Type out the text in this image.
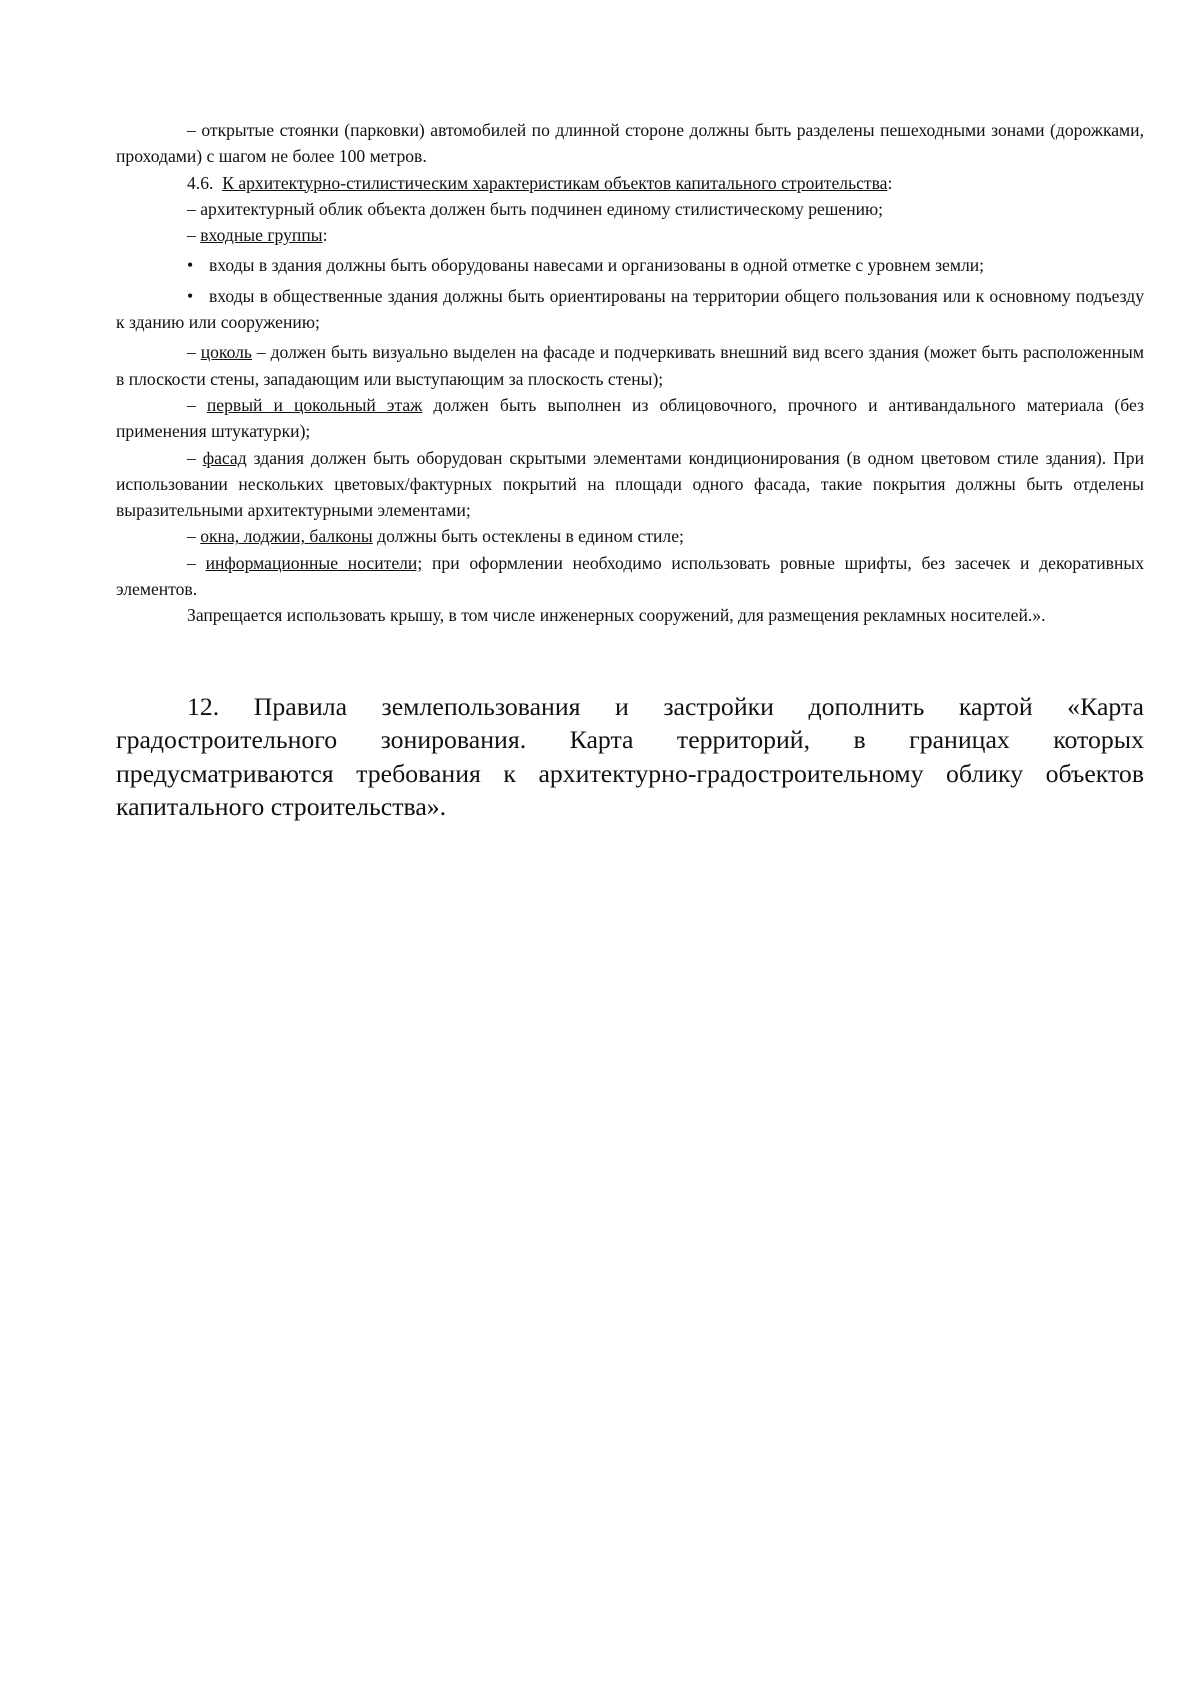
– открытые стоянки (парковки) автомобилей по длинной стороне должны быть разделены пешеходными зонами (дорожками, проходами) с шагом не более 100 метров.

4.6. К архитектурно-стилистическим характеристикам объектов капитального строительства:

– архитектурный облик объекта должен быть подчинен единому стилистическому решению;

– входные группы:

• входы в здания должны быть оборудованы навесами и организованы в одной отметке с уровнем земли;

• входы в общественные здания должны быть ориентированы на территории общего пользования или к основному подъезду к зданию или сооружению;

– цоколь – должен быть визуально выделен на фасаде и подчеркивать внешний вид всего здания (может быть расположенным в плоскости стены, западающим или выступающим за плоскость стены);

– первый и цокольный этаж должен быть выполнен из облицовочного, прочного и антивандального материала (без применения штукатурки);

– фасад здания должен быть оборудован скрытыми элементами кондиционирования (в одном цветовом стиле здания). При использовании нескольких цветовых/фактурных покрытий на площади одного фасада, такие покрытия должны быть отделены выразительными архитектурными элементами;

– окна, лоджии, балконы должны быть остеклены в едином стиле;

– информационные носители; при оформлении необходимо использовать ровные шрифты, без засечек и декоративных элементов.

Запрещается использовать крышу, в том числе инженерных сооружений, для размещения рекламных носителей.».

12. Правила землепользования и застройки дополнить картой «Карта градостроительного зонирования. Карта территорий, в границах которых предусматриваются требования к архитектурно-градостроительному облику объектов капитального строительства».
